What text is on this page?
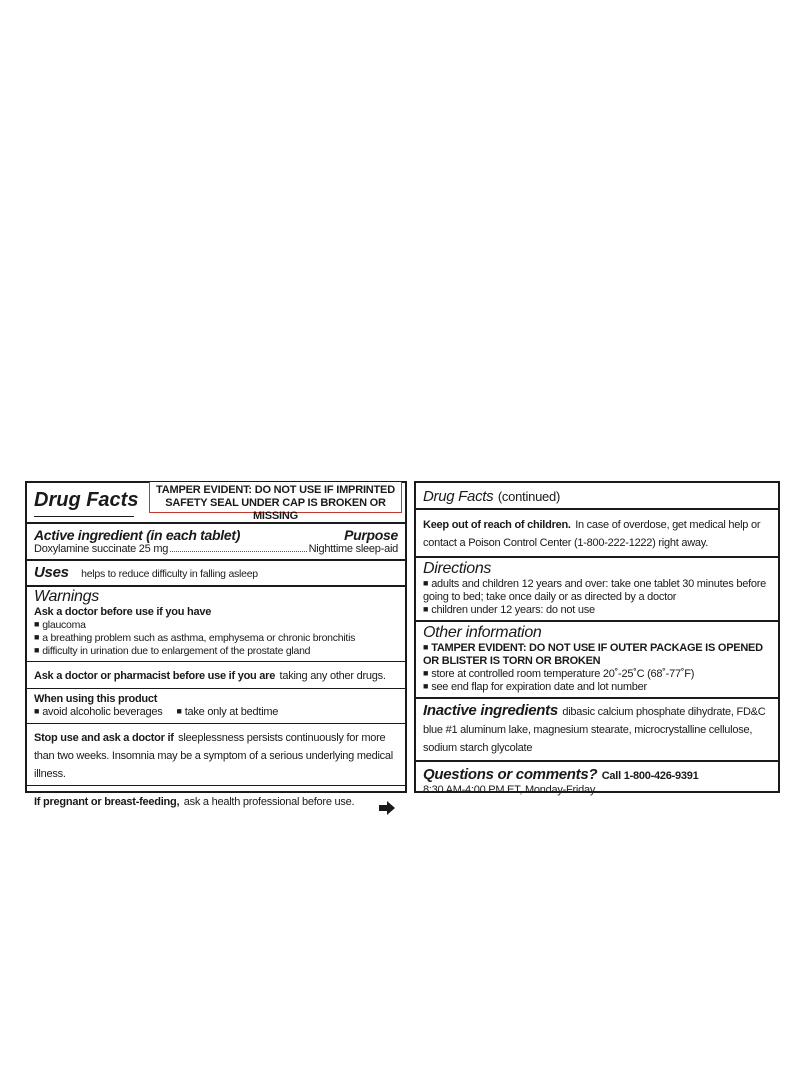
Drug Facts	TAMPER EVIDENT: DO NOT USE IF IMPRINTED
SAFETY SEAL UNDER CAP IS BROKEN OR MISSING
Active ingredient (in each tablet)	Purpose
Doxylamine succinate 25 mg	Nighttime sleep-aid
Uses helps to reduce difficulty in falling asleep
Warnings
Ask a doctor before use if you have
■ glaucoma
■ a breathing problem such as asthma, emphysema or chronic bronchitis
■ difficulty in urination due to enlargement of the prostate gland
Ask a doctor or pharmacist before use if you are taking any other drugs.
When using this product
■ avoid alcoholic beverages
■	take only at bedtime
Stop use and ask a doctor if sleeplessness persists continuously for more than two weeks. Insomnia may be a symptom of a serious underlying medical illness.
If pregnant or breast-feeding, ask a health professional before use.
Drug Facts (continued)
Keep out of reach of children. In case of overdose, get medical help or contact a Poison Control Center (1-800-222-1222) right away.
Directions
■ adults and children 12 years and over: take one tablet 30 minutes before going to bed; take once daily or as directed by a doctor
■ children under 12 years: do not use
Other information
■ TAMPER EVIDENT: DO NOT USE IF OUTER PACKAGE IS OPENED OR BLISTER IS TORN OR BROKEN
■ store at controlled room temperature 20˚-25˚C (68˚-77˚F)
■ see end flap for expiration date and lot number
Inactive ingredients dibasic calcium phosphate dihydrate, FD&C blue #1 aluminum lake, magnesium stearate, microcrystalline cellulose, sodium starch glycolate
Questions or comments? Call 1-800-426-9391
8:30 AM-4:00 PM ET, Monday-Friday
